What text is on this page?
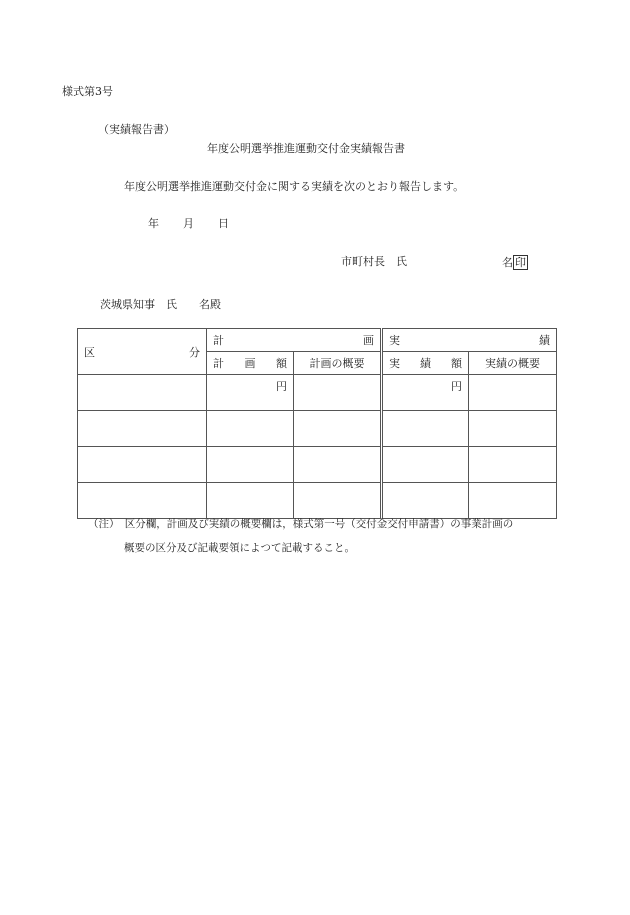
様式第3号
（実績報告書）
年度公明選挙推進運動交付金実績報告書
年度公明選挙推進運動交付金に関する実績を次のとおり報告します。
年 月 日
市町村長　氏	名 印
茨城県知事　氏　　名殿
区 分	計 画		実 績	

	計 画 額	計画の概要	実 績 額	実績の概要
	円		円	

（注）　区分欄，計画及び実績の概要欄は，様式第一号（交付金交付申請書）の事業計画の
概要の区分及び記載要領によつて記載すること。
